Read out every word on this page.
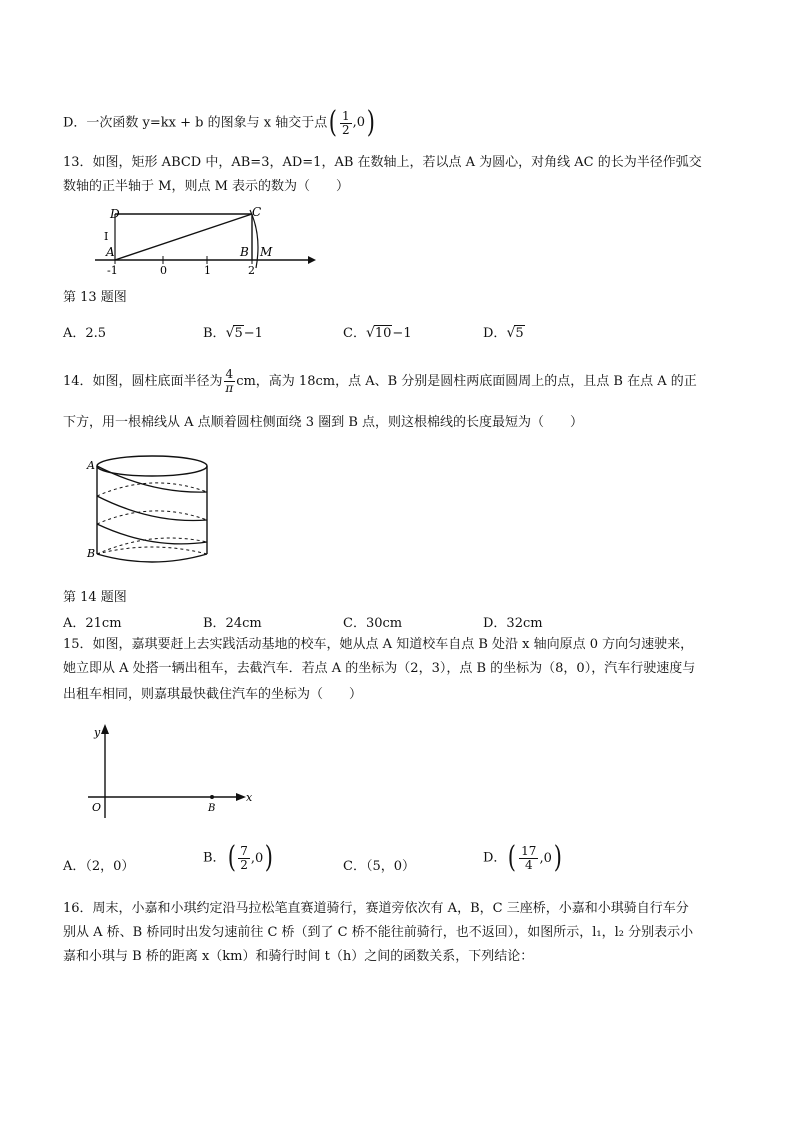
D．一次函数 y=kx + b 的图象与 x 轴交于点 ( $\frac{1}{2} ,0$ )
13．如图，矩形 ABCD 中，AB=3，AD=1，AB 在数轴上，若以点 A 为圆心，对角线 AC 的长为半径作弧交
数轴的正半轴于 M，则点 M 表示的数为（　　）
D	C
A	B M
I
-1	0	1	2
第 13 题图
A．2.5	B．√5−1	C．√10−1	D．√5
14．如图，圆柱底面半径为 $\frac{4}{\pi}$ cm，高为 18cm，点 A、B 分别是圆柱两底面圆周上的点，且点 B 在点 A 的正
下方，用一根棉线从 A 点顺着圆柱侧面绕 3 圈到 B 点，则这根棉线的长度最短为（　　）
A
B
第 14 题图
A．21cm	B．24cm	C．30cm	D．32cm
15．如图，嘉琪要赶上去实践活动基地的校车，她从点 A 知道校车自点 B 处沿 x 轴向原点 0 方向匀速驶来，
她立即从 A 处搭一辆出租车，去截汽车．若点 A 的坐标为（2，3），点 B 的坐标为（8，0），汽车行驶速度与
出租车相同，则嘉琪最快截住汽车的坐标为（　　）
y
x
O	B
A．（2，0）
B． ( $\frac{7}{2} ,0$ )	C．（5，0）
D． ( $\frac{17}{4} ,0$ )
16．周末，小嘉和小琪约定沿马拉松笔直赛道骑行，赛道旁依次有 A，B，C 三座桥，小嘉和小琪骑自行车分
别从 A 桥、B 桥同时出发匀速前往 C 桥（到了 C 桥不能往前骑行，也不返回），如图所示，l₁，l₂ 分别表示小
嘉和小琪与 B 桥的距离 x（km）和骑行时间 t（h）之间的函数关系，下列结论：
